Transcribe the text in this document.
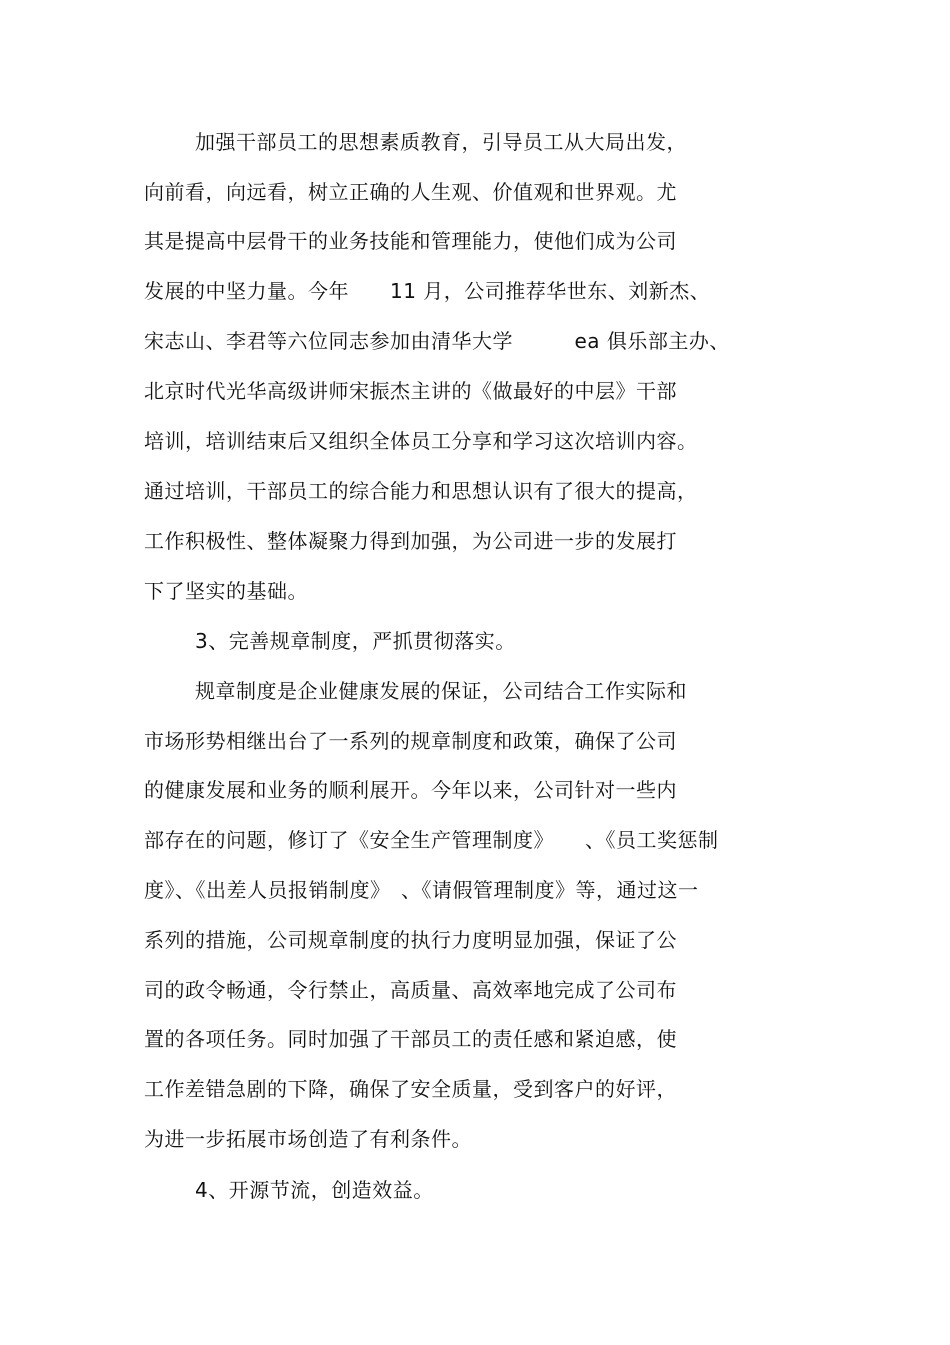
加强干部员工的思想素质教育，引导员工从大局出发，

向前看，向远看，树立正确的人生观、价值观和世界观。尤

其是提高中层骨干的业务技能和管理能力，使他们成为公司

发展的中坚力量。今年　　11 月，公司推荐华世东、刘新杰、

宋志山、李君等六位同志参加由清华大学　　　ea 俱乐部主办、

北京时代光华高级讲师宋振杰主讲的《做最好的中层》干部

培训，培训结束后又组织全体员工分享和学习这次培训内容。

通过培训，干部员工的综合能力和思想认识有了很大的提高，

工作积极性、整体凝聚力得到加强，为公司进一步的发展打

下了坚实的基础。

3、完善规章制度，严抓贯彻落实。

规章制度是企业健康发展的保证，公司结合工作实际和

市场形势相继出台了一系列的规章制度和政策，确保了公司

的健康发展和业务的顺利展开。今年以来，公司针对一些内

部存在的问题，修订了《安全生产管理制度》　　、《员工奖惩制

度》、《出差人员报销制度》　、《请假管理制度》等，通过这一

系列的措施，公司规章制度的执行力度明显加强，保证了公

司的政令畅通，令行禁止，高质量、高效率地完成了公司布

置的各项任务。同时加强了干部员工的责任感和紧迫感，使

工作差错急剧的下降，确保了安全质量，受到客户的好评，

为进一步拓展市场创造了有利条件。

4、开源节流，创造效益。
